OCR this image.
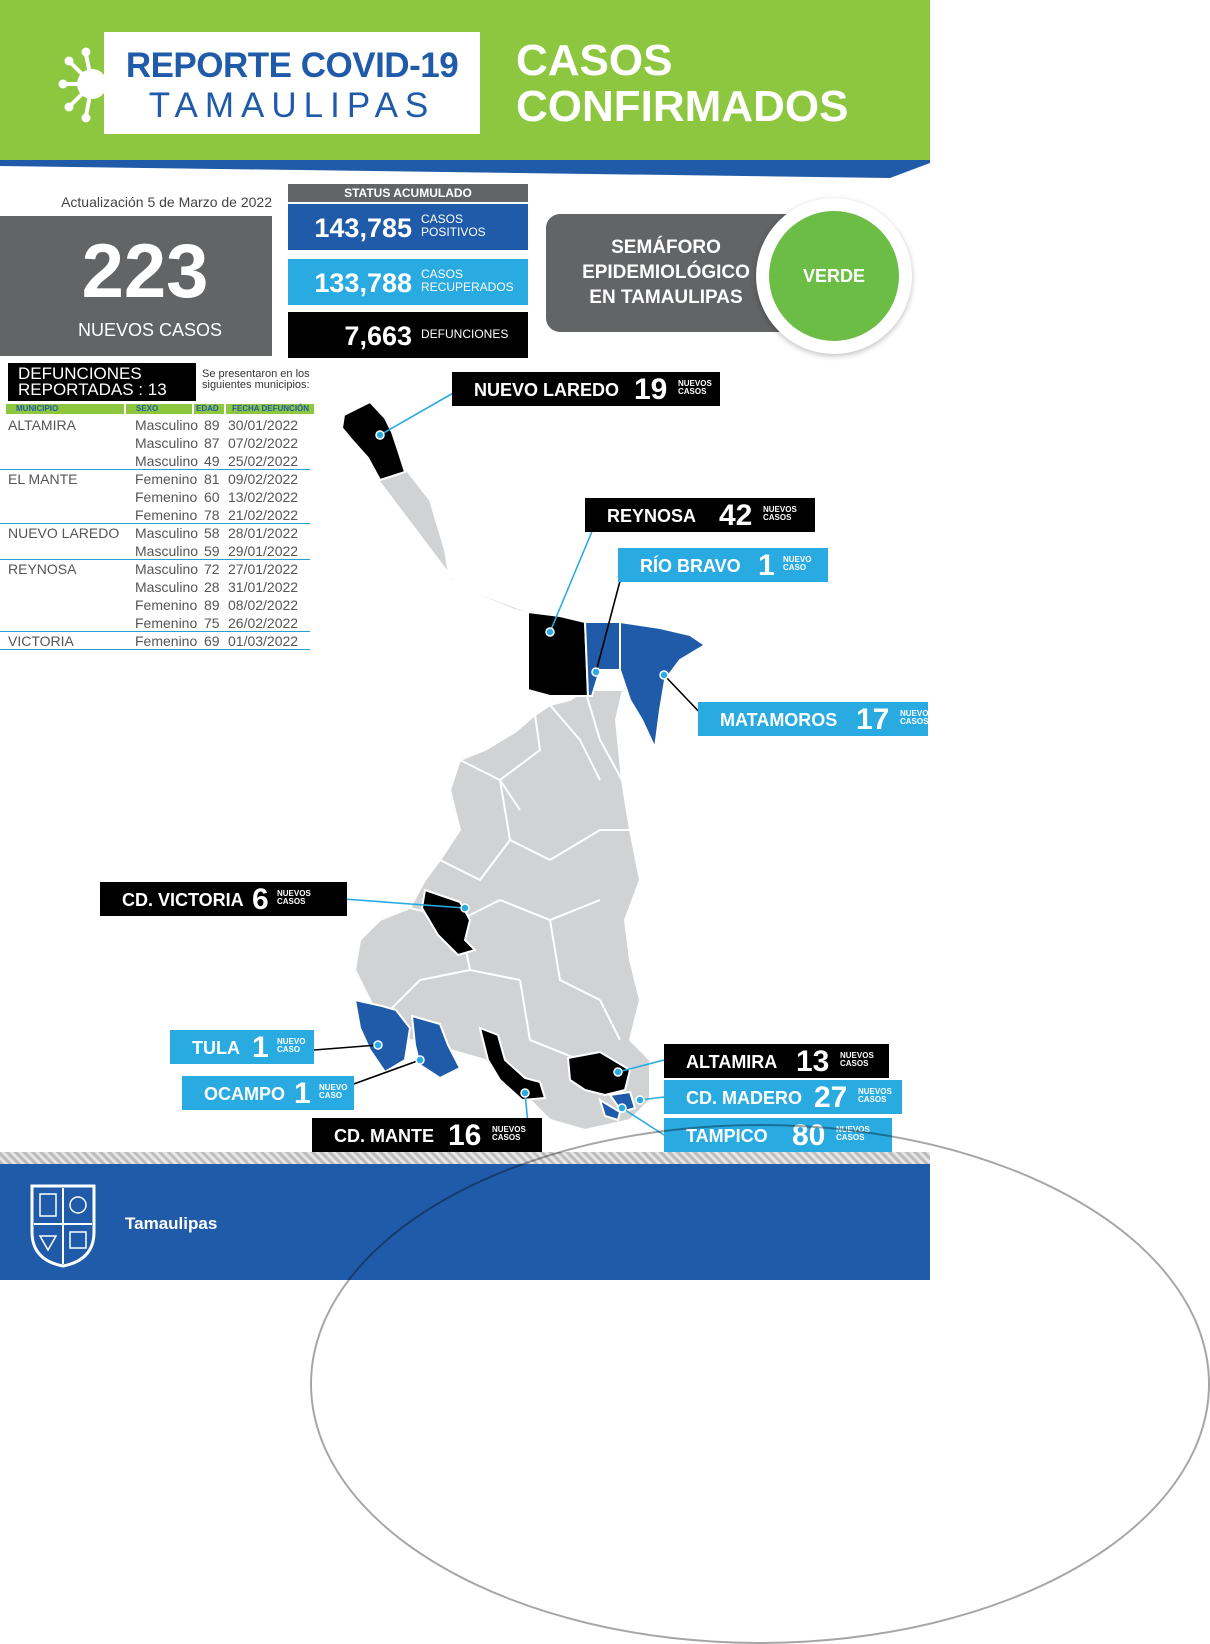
REPORTE COVID-19
TAMAULIPAS
CASOS
CONFIRMADOS
Actualización 5 de Marzo de 2022
223
NUEVOS CASOS
STATUS ACUMULADO
143,785 CASOS
POSITIVOS
133,788 CASOS
RECUPERADOS
7,663 DEFUNCIONES
SEMÁFORO
EPIDEMIOLÓGICO
EN TAMAULIPAS
VERDE
DEFUNCIONES
REPORTADAS : 13
Se presentaron en los siguientes municipios:
MUNICIPIO	SEXO	EDAD	FECHA DEFUNCIÓN
ALTAMIRA	Masculino 89 30/01/2022
Masculino 87 07/02/2022
Masculino 49 25/02/2022
EL MANTE	Femenino 81 09/02/2022
Femenino 60 13/02/2022
Femenino 78 21/02/2022
NUEVO LAREDO Masculino 58 28/01/2022
Masculino 59 29/01/2022
REYNOSA	Masculino 72 27/01/2022
Masculino 28 31/01/2022
Femenino 89 08/02/2022
Femenino 75 26/02/2022
VICTORIA	Femenino 69 01/03/2022
NUEVO LAREDO 19 NUEVOS
CASOS
REYNOSA 42 NUEVOS
CASOS
RÍO BRAVO 1 NUEVO
CASO
MATAMOROS 17 NUEVOS
CASOS
CD. VICTORIA 6 NUEVOS
CASOS
TULA 1 NUEVO
CASO
OCAMPO 1 NUEVO
CASO
CD. MANTE 16 NUEVOS
CASOS
ALTAMIRA 13 NUEVOS
CASOS
CD. MADERO 27 NUEVOS
CASOS
TAMPICO 80 NUEVOS
CASOS
Tamaulipas
